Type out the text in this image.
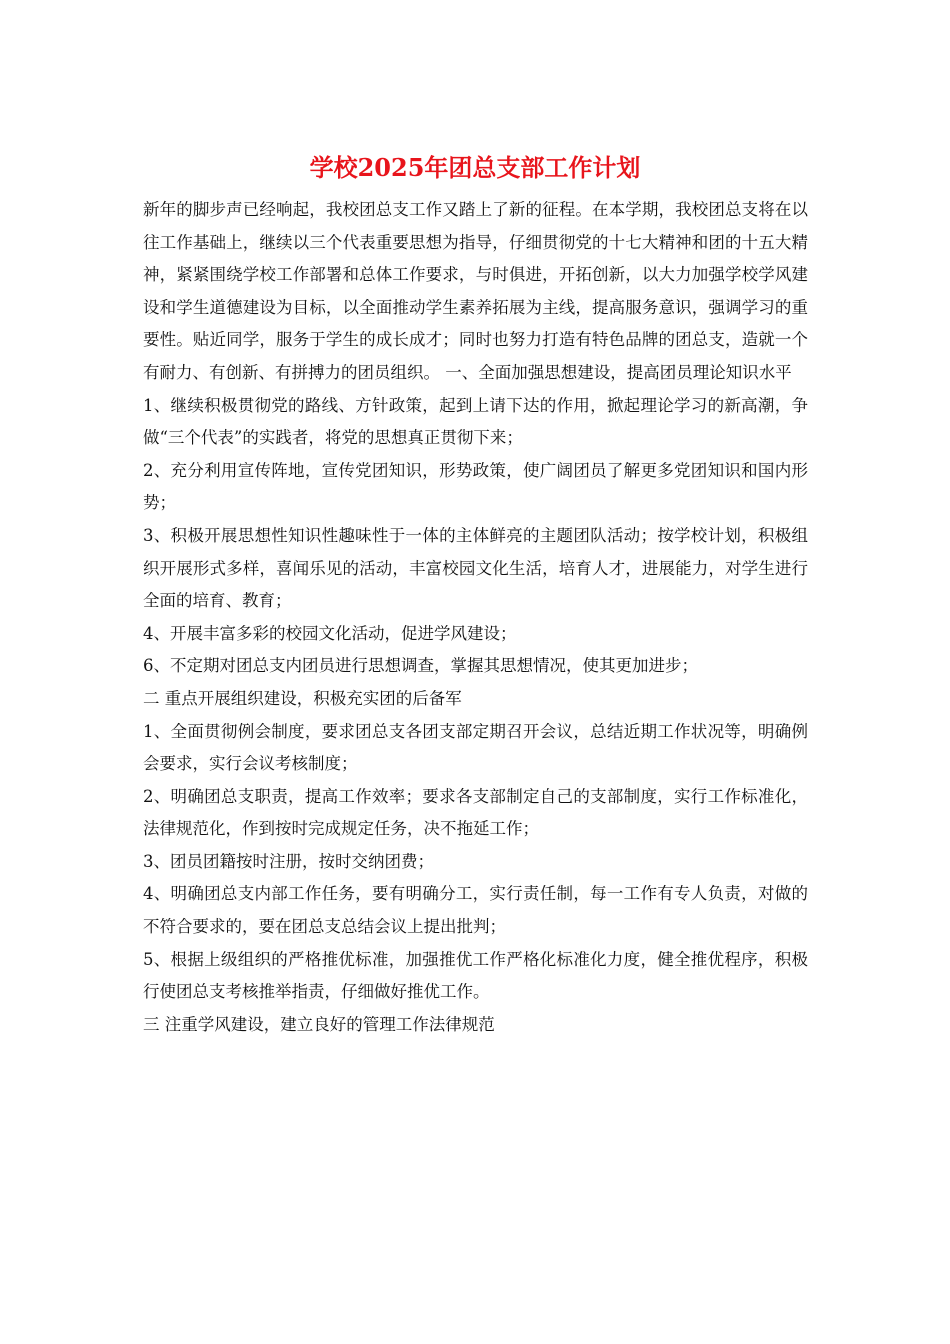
学校2025年团总支部工作计划

新年的脚步声已经响起，我校团总支工作又踏上了新的征程。在本学期，我校团总支将在以往工作基础上，继续以三个代表重要思想为指导，仔细贯彻党的十七大精神和团的十五大精神，紧紧围绕学校工作部署和总体工作要求，与时俱进，开拓创新，以大力加强学校学风建设和学生道德建设为目标，以全面推动学生素养拓展为主线，提高服务意识，强调学习的重要性。贴近同学，服务于学生的成长成才；同时也努力打造有特色品牌的团总支，造就一个有耐力、有创新、有拼搏力的团员组织。 一、全面加强思想建设，提高团员理论知识水平

1、继续积极贯彻党的路线、方针政策，起到上请下达的作用，掀起理论学习的新高潮，争做“三个代表”的实践者，将党的思想真正贯彻下来；

2、充分利用宣传阵地，宣传党团知识，形势政策，使广阔团员了解更多党团知识和国内形势；

3、积极开展思想性知识性趣味性于一体的主体鲜亮的主题团队活动；按学校计划，积极组织开展形式多样，喜闻乐见的活动，丰富校园文化生活，培育人才，进展能力，对学生进行全面的培育、教育；

4、开展丰富多彩的校园文化活动，促进学风建设；

6、不定期对团总支内团员进行思想调查，掌握其思想情况，使其更加进步；

二 重点开展组织建设，积极充实团的后备军

1、全面贯彻例会制度，要求团总支各团支部定期召开会议，总结近期工作状况等，明确例会要求，实行会议考核制度；

2、明确团总支职责，提高工作效率；要求各支部制定自己的支部制度，实行工作标准化，法律规范化，作到按时完成规定任务，决不拖延工作；

3、团员团籍按时注册，按时交纳团费；

4、明确团总支内部工作任务，要有明确分工，实行责任制，每一工作有专人负责，对做的不符合要求的，要在团总支总结会议上提出批判；

5、根据上级组织的严格推优标准，加强推优工作严格化标准化力度，健全推优程序，积极行使团总支考核推举指责，仔细做好推优工作。

三 注重学风建设，建立良好的管理工作法律规范
